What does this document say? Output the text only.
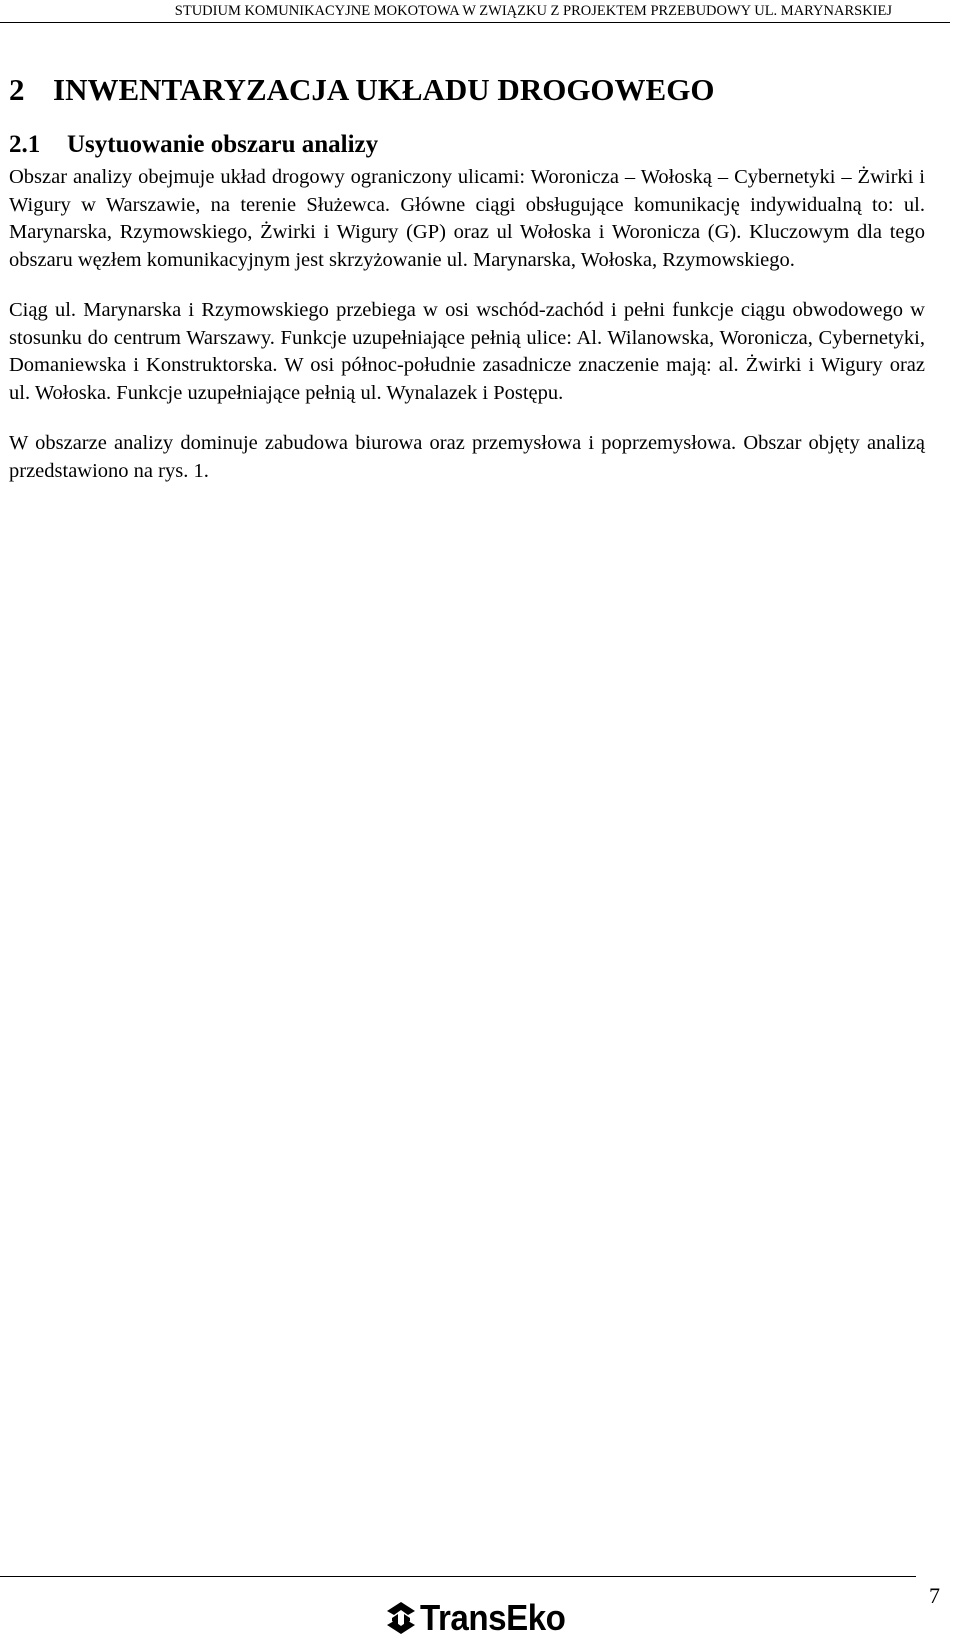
STUDIUM KOMUNIKACYJNE MOKOTOWA W ZWIĄZKU Z PROJEKTEM PRZEBUDOWY UL. MARYNARSKIEJ
2 INWENTARYZACJA UKŁADU DROGOWEGO
2.1 Usytuowanie obszaru analizy

Obszar analizy obejmuje układ drogowy ograniczony ulicami: Woronicza – Wołoską – Cybernetyki – Żwirki i Wigury w Warszawie, na terenie Służewca. Główne ciągi obsługujące komunikację indywidualną to: ul. Marynarska, Rzymowskiego, Żwirki i Wigury (GP) oraz ul Wołoska i Woronicza (G). Kluczowym dla tego obszaru węzłem komunikacyjnym jest skrzyżowanie ul. Marynarska, Wołoska, Rzymowskiego.

Ciąg ul. Marynarska i Rzymowskiego przebiega w osi wschód-zachód i pełni funkcje ciągu obwodowego w stosunku do centrum Warszawy. Funkcje uzupełniające pełnią ulice: Al. Wilanowska, Woronicza, Cybernetyki, Domaniewska i Konstruktorska. W osi północ-południe zasadnicze znaczenie mają: al. Żwirki i Wigury oraz ul. Wołoska. Funkcje uzupełniające pełnią ul. Wynalazek i Postępu.

W obszarze analizy dominuje zabudowa biurowa oraz przemysłowa i poprzemysłowa. Obszar objęty analizą przedstawiono na rys. 1.

7
TransEko
